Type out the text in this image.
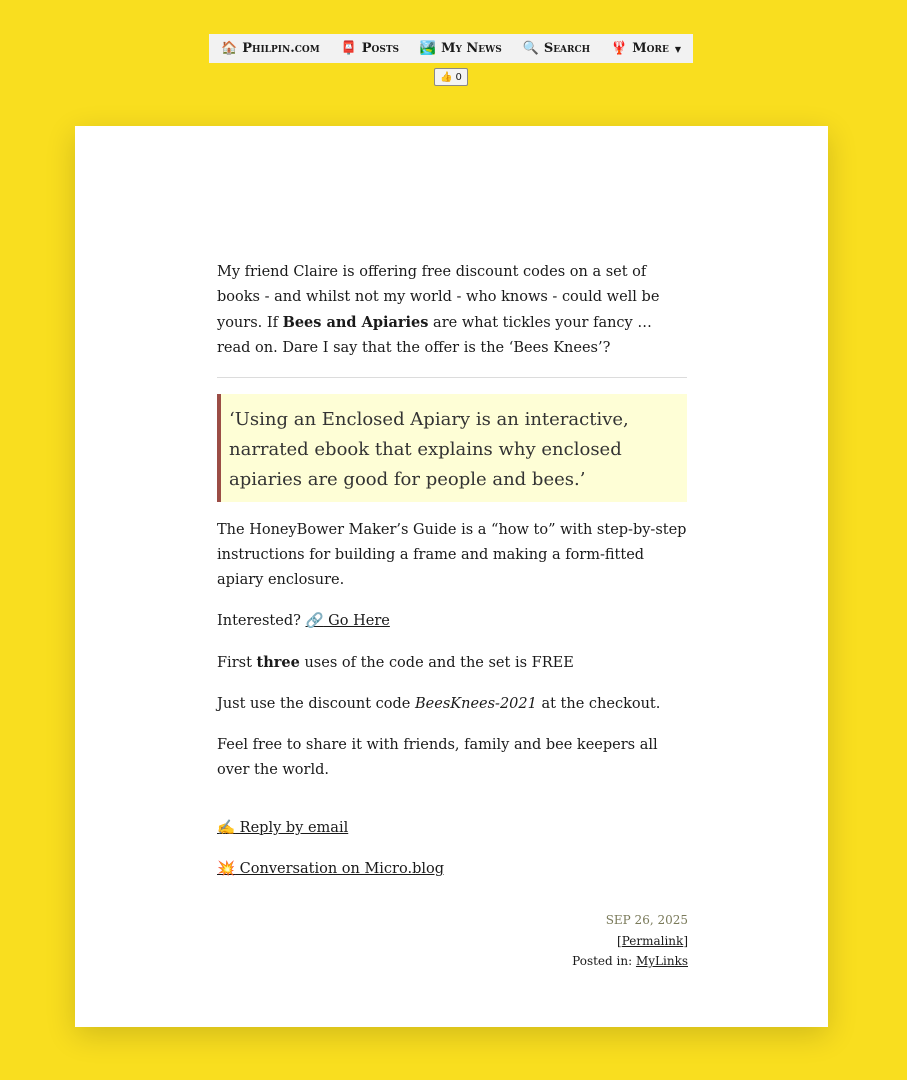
🏠 Philpin.com 📮 Posts 🏞️ My News 🔍 Search 🦞 More ▼
👍 0

My friend Claire is offering free discount codes on a set of books - and whilst not my world - who knows - could well be yours. If Bees and Apiaries are what tickles your fancy … read on. Dare I say that the offer is the ‘Bees Knees’?

‘Using an Enclosed Apiary is an interactive, narrated ebook that explains why enclosed apiaries are good for people and bees.’

The HoneyBower Maker’s Guide is a “how to” with step-by-step instructions for building a frame and making a form-fitted apiary enclosure.

Interested? 🔗 Go Here

First three uses of the code and the set is FREE

Just use the discount code BeesKnees-2021 at the checkout.

Feel free to share it with friends, family and bee keepers all over the world.

✍️ Reply by email
💥 Conversation on Micro.blog
SEP 26, 2025
[Permalink]
Posted in: MyLinks
